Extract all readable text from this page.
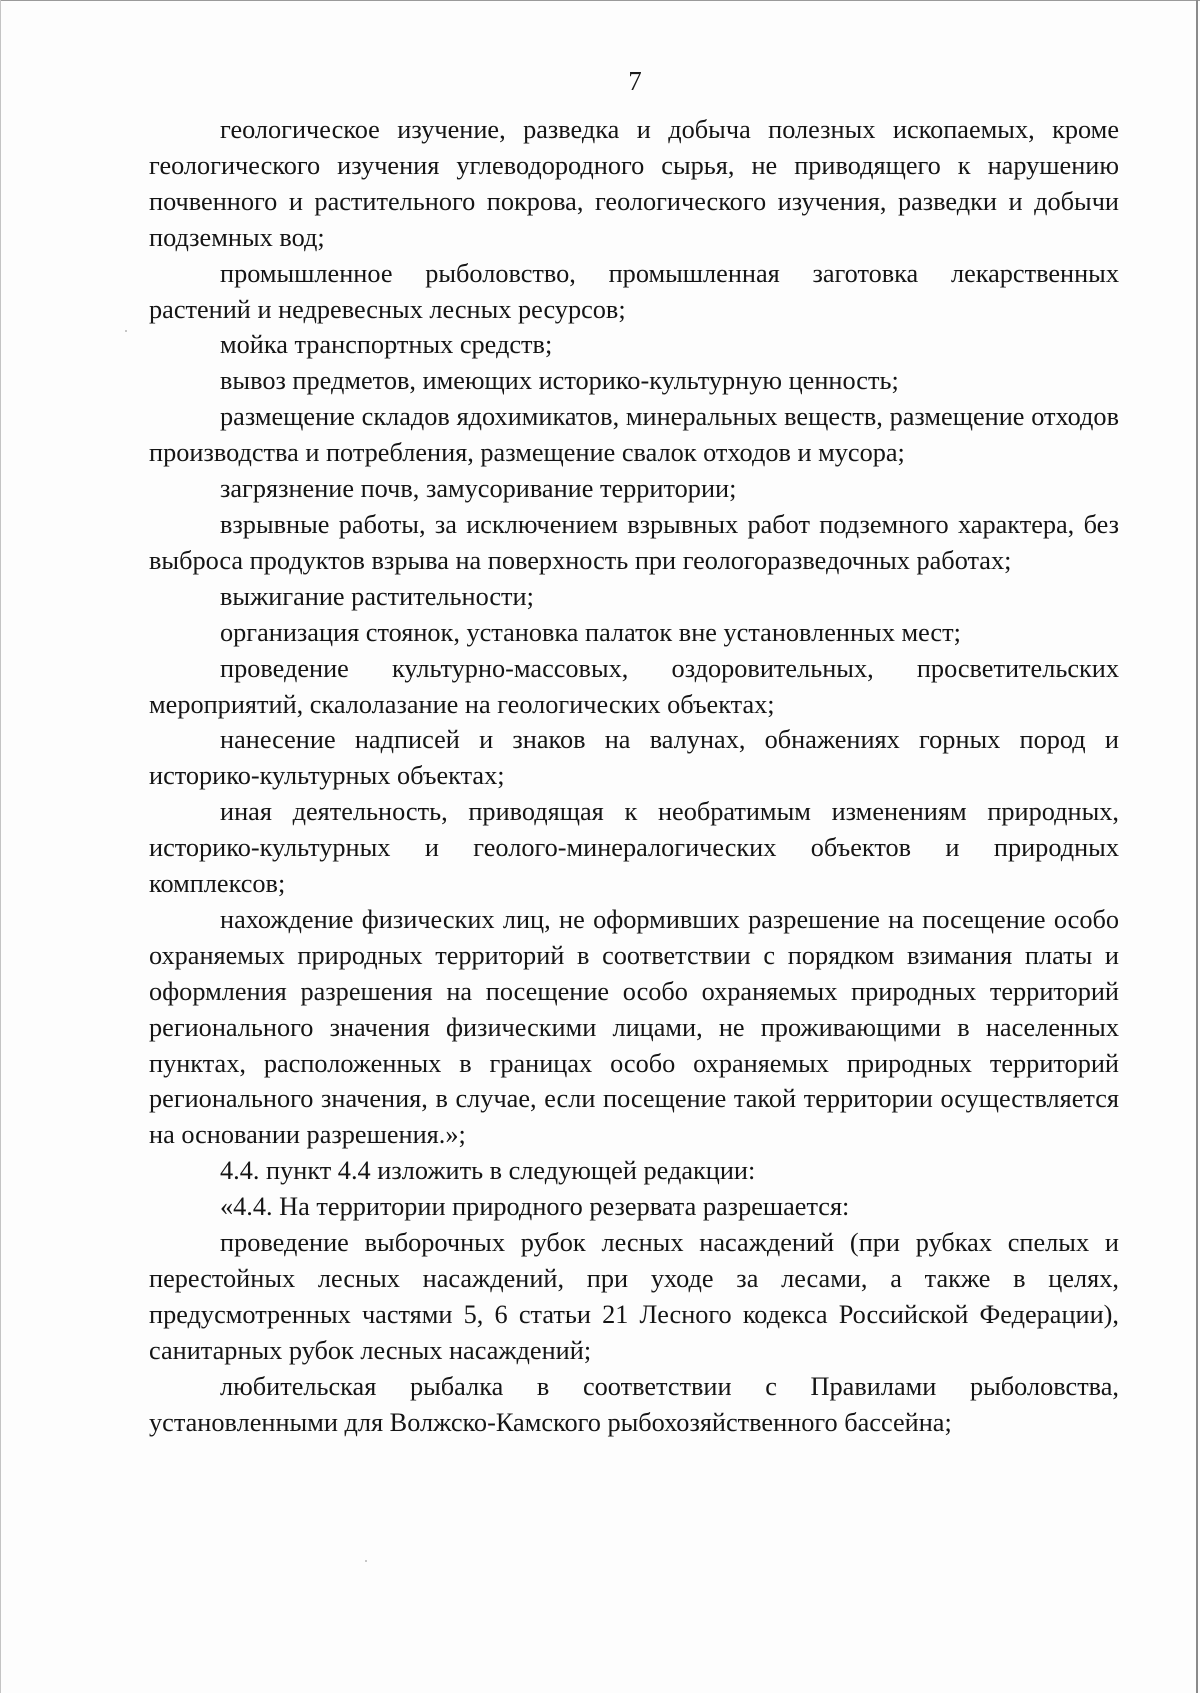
7

геологическое изучение, разведка и добыча полезных ископаемых, кроме геологического изучения углеводородного сырья, не приводящего к нарушению почвенного и растительного покрова, геологического изучения, разведки и добычи подземных вод;

промышленное рыболовство, промышленная заготовка лекарственных растений и недревесных лесных ресурсов;

мойка транспортных средств;

вывоз предметов, имеющих историко-культурную ценность;

размещение складов ядохимикатов, минеральных веществ, размещение отходов производства и потребления, размещение свалок отходов и мусора;

загрязнение почв, замусоривание территории;

взрывные работы, за исключением взрывных работ подземного характера, без выброса продуктов взрыва на поверхность при геологоразведочных работах;

выжигание растительности;

организация стоянок, установка палаток вне установленных мест;

проведение культурно-массовых, оздоровительных, просветительских мероприятий, скалолазание на геологических объектах;

нанесение надписей и знаков на валунах, обнажениях горных пород и историко-культурных объектах;

иная деятельность, приводящая к необратимым изменениям природных, историко-культурных и геолого-минералогических объектов и природных комплексов;

нахождение физических лиц, не оформивших разрешение на посещение особо охраняемых природных территорий в соответствии с порядком взимания платы и оформления разрешения на посещение особо охраняемых природных территорий регионального значения физическими лицами, не проживающими в населенных пунктах, расположенных в границах особо охраняемых природных территорий регионального значения, в случае, если посещение такой территории осуществляется на основании разрешения.»;

4.4. пункт 4.4 изложить в следующей редакции:

«4.4. На территории природного резервата разрешается:

проведение выборочных рубок лесных насаждений (при рубках спелых и перестойных лесных насаждений, при уходе за лесами, а также в целях, предусмотренных частями 5, 6 статьи 21 Лесного кодекса Российской Федерации), санитарных рубок лесных насаждений;

любительская рыбалка в соответствии с Правилами рыболовства, установленными для Волжско-Камского рыбохозяйственного бассейна;
